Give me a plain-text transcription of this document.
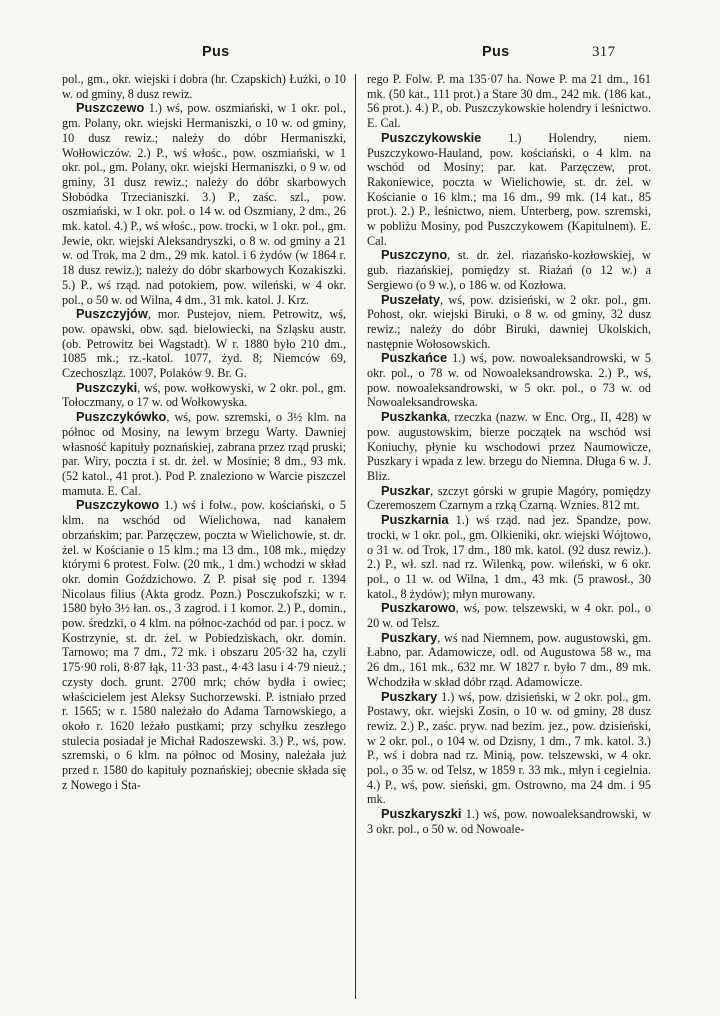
Pus	Pus	317

pol., gm., okr. wiejski i dobra (hr. Czapskich) Łużki, o 10 w. od gminy, 8 dusz rewiz.

Puszczewo 1.) wś, pow. oszmiański, w 1 okr. pol., gm. Polany, okr. wiejski Hermaniszki, o 10 w. od gminy, 10 dusz rewiz.; należy do dóbr Hermaniszki, Wołłowiczów. 2.) P., wś włośc., pow. oszmiański, w 1 okr. pol., gm. Polany, okr. wiejski Hermaniszki, o 9 w. od gminy, 31 dusz rewiz.; należy do dóbr skarbowych Słobódka Trzecianiszki. 3.) P., zaśc. szl., pow. oszmiański, w 1 okr. pol. o 14 w. od Oszmiany, 2 dm., 26 mk. katol. 4.) P., wś włośc., pow. trocki, w 1 okr. pol., gm. Jewie, okr. wiejski Aleksandryszki, o 8 w. od gminy a 21 w. od Trok, ma 2 dm., 29 mk. katol. i 6 żydów (w 1864 r. 18 dusz rewiz.); należy do dóbr skarbowych Kozakiszki. 5.) P., wś rząd. nad potokiem, pow. wileński, w 4 okr. pol., o 50 w. od Wilna, 4 dm., 31 mk. katol. J. Krz.

Puszczyjów, mor. Pustejov, niem. Petrowitz, wś, pow. opawski, obw. sąd. bielowiecki, na Szląsku austr. (ob. Petrowitz bei Wagstadt). W r. 1880 było 210 dm., 1085 mk.; rz.-katol. 1077, żyd. 8; Niemców 69, Czechoszląz. 1007, Polaków 9. Br. G.

Puszczyki, wś, pow. wołkowyski, w 2 okr. pol., gm. Tołoczmany, o 17 w. od Wołkowyska.

Puszczykówko, wś, pow. szremski, o 3½ klm. na północ od Mosiny, na lewym brzegu Warty. Dawniej własność kapituły poznańskiej, zabrana przez rząd pruski; par. Wiry, poczta i st. dr. żel. w Mosinie; 8 dm., 93 mk. (52 katol., 41 prot.). Pod P. znaleziono w Warcie piszczel mamuta. E. Cal.

Puszczykowo 1.) wś i folw., pow. kościański, o 5 klm. na wschód od Wielichowa, nad kanałem obrzańskim; par. Parzęczew, poczta w Wielichowie, st. dr. żel. w Kościanie o 15 klm.; ma 13 dm., 108 mk., między którymi 6 protest. Folw. (20 mk., 1 dm.) wchodzi w skład okr. domin Goździchowo. Z P. pisał się pod r. 1394 Nicolaus filius (Akta grodz. Pozn.) Posczukofszki; w r. 1580 było 3½ łan. os., 3 zagrod. i 1 komor. 2.) P., domin., pow. średzki, o 4 klm. na północ-zachód od par. i pocz. w Kostrzynie, st. dr. żel. w Pobiedziskach, okr. domin. Tarnowo; ma 7 dm., 72 mk. i obszaru 205·32 ha, czyli 175·90 roli, 8·87 łąk, 11·33 past., 4·43 lasu i 4·79 nieuż.; czysty doch. grunt. 2700 mrk; chów bydła i owiec; właścicielem jest Aleksy Suchorzewski. P. istniało przed r. 1565; w r. 1580 należało do Adama Tarnowskiego, a około r. 1620 leżało pustkami; przy schyłku zeszłego stulecia posiadał je Michał Radoszewski. 3.) P., wś, pow. szremski, o 6 klm. na północ od Mosiny, należała już przed r. 1580 do kapituły poznańskiej; obecnie składa się z Nowego i Sta-

rego P. Folw. P. ma 135·07 ha. Nowe P. ma 21 dm., 161 mk. (50 kat., 111 prot.) a Stare 30 dm., 242 mk. (186 kat., 56 prot.). 4.) P., ob. Puszczykowskie holendry i leśnictwo. E. Cal.

Puszczykowskie 1.) Holendry, niem. Puszczykowo-Hauland, pow. kościański, o 4 klm. na wschód od Mosiny; par. kat. Parzęczew, prot. Rakoniewice, poczta w Wielichowie, st. dr. żel. w Kościanie o 16 klm.; ma 16 dm., 99 mk. (14 kat., 85 prot.). 2.) P., leśnictwo, niem. Unterberg, pow. szremski, w pobliżu Mosiny, pod Puszczykowem (Kapitulnem). E. Cal.

Puszczyno, st. dr. żel. riazańsko-kozłowskiej, w gub. riazańskiej, pomiędzy st. Riażań (o 12 w.) a Sergiewo (o 9 w.), o 186 w. od Kozłowa.

Puszełaty, wś, pow. dzisieński, w 2 okr. pol., gm. Pohost, okr. wiejski Biruki, o 8 w. od gminy, 32 dusz rewiz.; należy do dóbr Biruki, dawniej Ukolskich, następnie Wołosowskich.

Puszkańce 1.) wś, pow. nowoaleksandrowski, w 5 okr. pol., o 78 w. od Nowoaleksandrowska. 2.) P., wś, pow. nowoaleksandrowski, w 5 okr. pol., o 73 w. od Nowoaleksandrowska.

Puszkanka, rzeczka (nazw. w Enc. Org., II, 428) w pow. augustowskim, bierze początek na wschód wsi Koniuchy, płynie ku wschodowi przez Naumowicze, Puszkary i wpada z lew. brzegu do Niemna. Długa 6 w. J. Bliz.

Puszkar, szczyt górski w grupie Magóry, pomiędzy Czeremoszem Czarnym a rzką Czarną. Wznies. 812 mt.

Puszkarnia 1.) wś rząd. nad jez. Spandze, pow. trocki, w 1 okr. pol., gm. Olkieniki, okr. wiejski Wójtowo, o 31 w. od Trok, 17 dm., 180 mk. katol. (92 dusz rewiz.). 2.) P., wł. szl. nad rz. Wilenką, pow. wileński, w 6 okr. pol., o 11 w. od Wilna, 1 dm., 43 mk. (5 prawosł., 30 katol., 8 żydów); młyn murowany.

Puszkarowo, wś, pow. telszewski, w 4 okr. pol., o 20 w. od Telsz.

Puszkary, wś nad Niemnem, pow. augustowski, gm. Łabno, par. Adamowicze, odl. od Augustowa 58 w., ma 26 dm., 161 mk., 632 mr. W 1827 r. było 7 dm., 89 mk. Wchodziła w skład dóbr rząd. Adamowicze.

Puszkary 1.) wś, pow. dzisieński, w 2 okr. pol., gm. Postawy, okr. wiejski Zosin, o 10 w. od gminy, 28 dusz rewiz. 2.) P., zaśc. pryw. nad bezim. jez., pow. dzisieński, w 2 okr. pol., o 104 w. od Dzisny, 1 dm., 7 mk. katol. 3.) P., wś i dobra nad rz. Minią, pow. telszewski, w 4 okr. pol., o 35 w. od Telsz, w 1859 r. 33 mk., młyn i cegielnia. 4.) P., wś, pow. sieński, gm. Ostrowno, ma 24 dm. i 95 mk.

Puszkaryszki 1.) wś, pow. nowoaleksandrowski, w 3 okr. pol., o 50 w. od Nowoale-
